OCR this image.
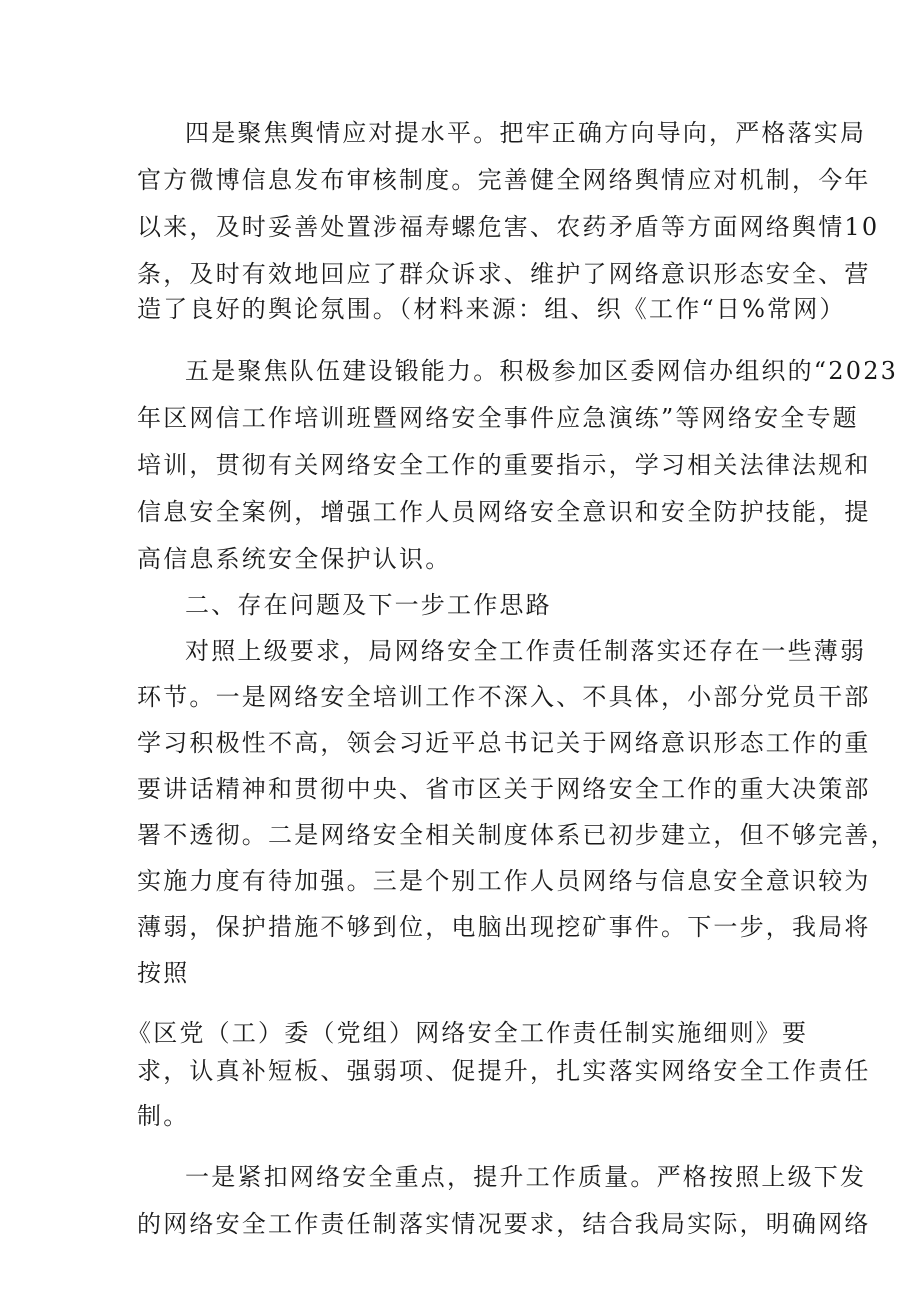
四是聚焦舆情应对提水平。把牢正确方向导向，严格落实局
官方微博信息发布审核制度。完善健全网络舆情应对机制，今年
以来，及时妥善处置涉福寿螺危害、农药矛盾等方面网络舆情10
条，及时有效地回应了群众诉求、维护了网络意识形态安全、营
造了良好的舆论氛围。（材料来源：组、织《工作“日%常网）
五是聚焦队伍建设锻能力。积极参加区委网信办组织的“2023
年区网信工作培训班暨网络安全事件应急演练”等网络安全专题
培训，贯彻有关网络安全工作的重要指示，学习相关法律法规和
信息安全案例，增强工作人员网络安全意识和安全防护技能，提
高信息系统安全保护认识。
二、存在问题及下一步工作思路
对照上级要求，局网络安全工作责任制落实还存在一些薄弱
环节。一是网络安全培训工作不深入、不具体，小部分党员干部
学习积极性不高，领会习近平总书记关于网络意识形态工作的重
要讲话精神和贯彻中央、省市区关于网络安全工作的重大决策部
署不透彻。二是网络安全相关制度体系已初步建立，但不够完善，
实施力度有待加强。三是个别工作人员网络与信息安全意识较为
薄弱，保护措施不够到位，电脑出现挖矿事件。下一步，我局将
按照
《区党（工）委（党组）网络安全工作责任制实施细则》要
求，认真补短板、强弱项、促提升，扎实落实网络安全工作责任
制。
一是紧扣网络安全重点，提升工作质量。严格按照上级下发
的网络安全工作责任制落实情况要求，结合我局实际，明确网络
